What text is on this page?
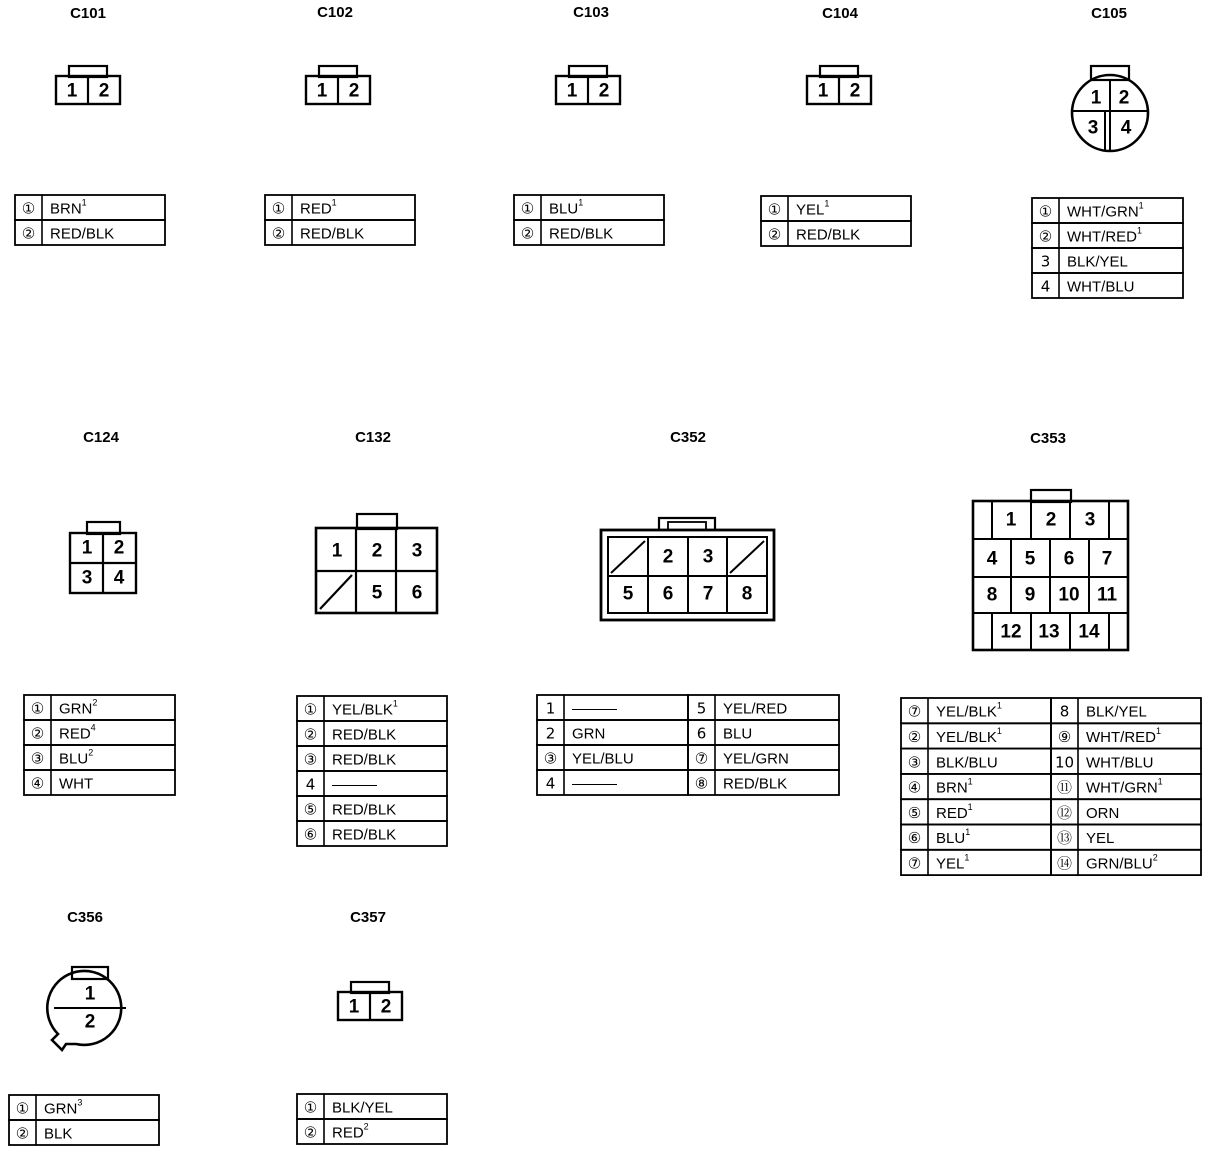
C101
1 2
① BRN$^1$
② RED/BLK
C102
1 2
① RED$^1$
② RED/BLK
C103
1 2
① BLU$^1$
② RED/BLK
C104
1 2
① YEL$^1$
② RED/BLK
C105
1 2
3 4
① WHT/GRN$^1$
② WHT/RED$^1$
3 BLK/YEL
4 WHT/BLU
C124
1 2
3 4
① GRN$^2$
② RED$^4$
③ BLU$^2$
④ WHT
C132
1 2 3
5 6
① YEL/BLK$^1$
② RED/BLK
③ RED/BLK
4 ———
⑤ RED/BLK
⑥ RED/BLK
C352
2 3
5 6 7 8
1 ———
2 GRN
③ YEL/BLU
4 ———
5 YEL/RED
6 BLU
⑦ YEL/GRN
⑧ RED/BLK
C353
1 2 3
4 5 6 7
8 9 10 11
12 13 14
⑦ YEL/BLK$^1$
② YEL/BLK$^1$
③ BLK/BLU
④ BRN$^1$
⑤ RED$^1$
⑥ BLU$^1$
⑦ YEL$^1$
8 BLK/YEL
⑨ WHT/RED$^1$
10 WHT/BLU
⑪ WHT/GRN$^1$
⑫ ORN
⑬ YEL
⑭ GRN/BLU$^2$
C356
1
2
① GRN$^3$
② BLK
C357
1 2
① BLK/YEL
② RED$^2$
